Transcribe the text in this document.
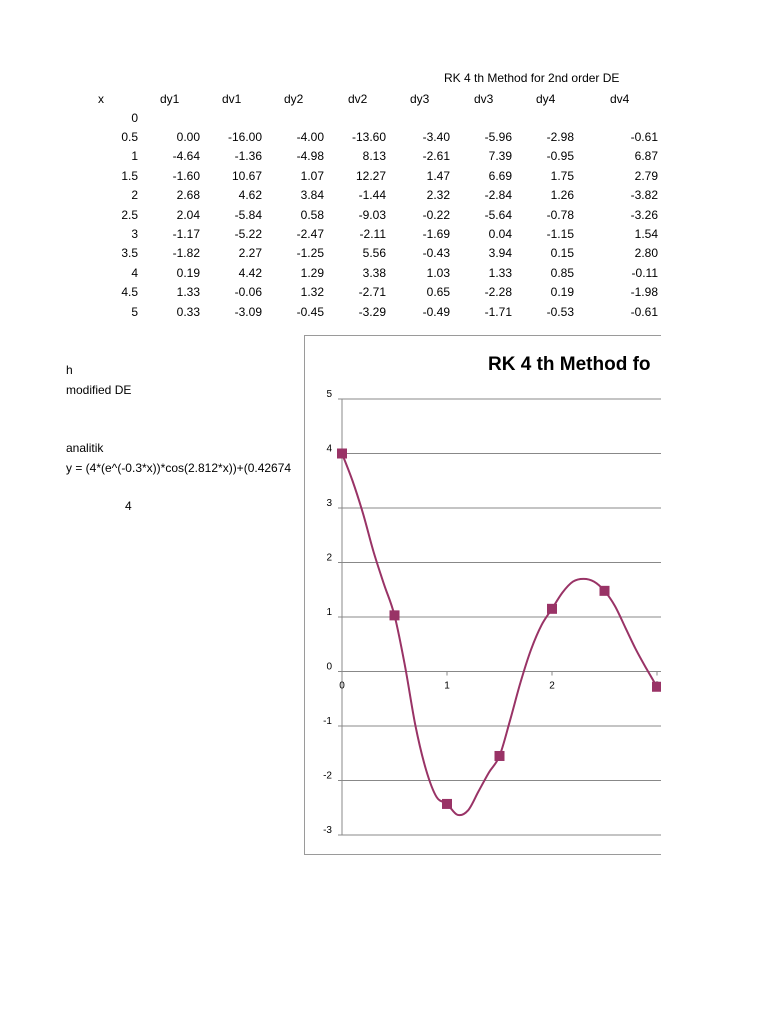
RK 4 th Method for 2nd order DE
x	dy1	dv1	dy2	dv2	dy3	dv3	dy4	dv4
0
0.5	0.00	-16.00	-4.00	-13.60	-3.40	-5.96	-2.98	-0.61
1	-4.64	-1.36	-4.98	8.13	-2.61	7.39	-0.95	6.87
1.5	-1.60	10.67	1.07	12.27	1.47	6.69	1.75	2.79
2	2.68	4.62	3.84	-1.44	2.32	-2.84	1.26	-3.82
2.5	2.04	-5.84	0.58	-9.03	-0.22	-5.64	-0.78	-3.26
3	-1.17	-5.22	-2.47	-2.11	-1.69	0.04	-1.15	1.54
3.5	-1.82	2.27	-1.25	5.56	-0.43	3.94	0.15	2.80
4	0.19	4.42	1.29	3.38	1.03	1.33	0.85	-0.11
4.5	1.33	-0.06	1.32	-2.71	0.65	-2.28	0.19	-1.98
5	0.33	-3.09	-0.45	-3.29	-0.49	-1.71	-0.53	-0.61
h
modified DE
analitik
y = (4*(e^(-0.3*x))*cos(2.812*x))+(0.42674
4
RK 4 th Method fo
5
4
3
2
1
0
-1
-2
-3
0	1	2
